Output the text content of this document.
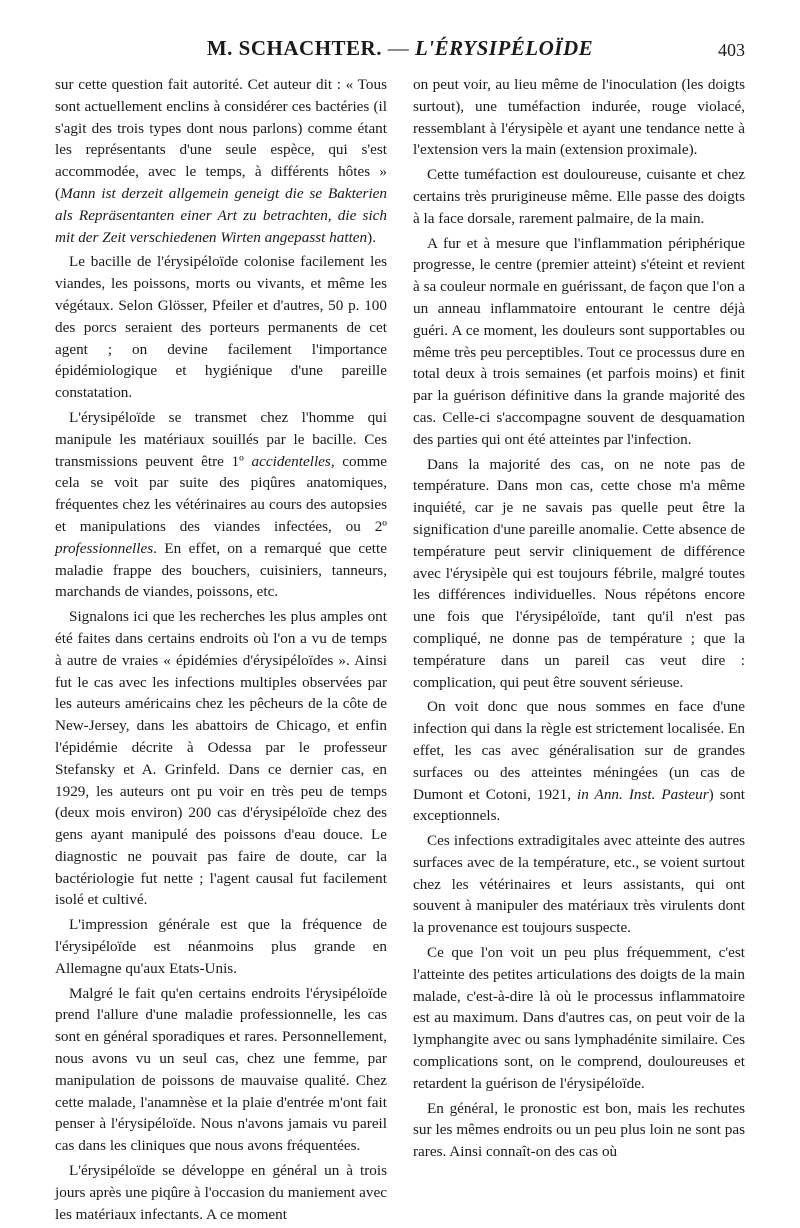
M. SCHACHTER. — L'ÉRYSIPÉLOÏDE	403

sur cette question fait autorité. Cet auteur dit : « Tous sont actuellement enclins à considérer ces bactéries (il s'agit des trois types dont nous parlons) comme étant les représentants d'une seule espèce, qui s'est accommodée, avec le temps, à différents hôtes » (Mann ist derzeit allgemein geneigt die se Bakterien als Repräsentanten einer Art zu betrachten, die sich mit der Zeit verschiedenen Wirten angepasst hatten).

Le bacille de l'érysipéloïde colonise facilement les viandes, les poissons, morts ou vivants, et même les végétaux. Selon Glösser, Pfeiler et d'autres, 50 p. 100 des porcs seraient des porteurs permanents de cet agent ; on devine facilement l'importance épidémiologique et hygiénique d'une pareille constatation.

L'érysipéloïde se transmet chez l'homme qui manipule les matériaux souillés par le bacille. Ces transmissions peuvent être 1º accidentelles, comme cela se voit par suite des piqûres anatomiques, fréquentes chez les vétérinaires au cours des autopsies et manipulations des viandes infectées, ou 2º professionnelles. En effet, on a remarqué que cette maladie frappe des bouchers, cuisiniers, tanneurs, marchands de viandes, poissons, etc.

Signalons ici que les recherches les plus amples ont été faites dans certains endroits où l'on a vu de temps à autre de vraies « épidémies d'érysipéloïdes ». Ainsi fut le cas avec les infections multiples observées par les auteurs américains chez les pêcheurs de la côte de New-Jersey, dans les abattoirs de Chicago, et enfin l'épidémie décrite à Odessa par le professeur Stefansky et A. Grinfeld. Dans ce dernier cas, en 1929, les auteurs ont pu voir en très peu de temps (deux mois environ) 200 cas d'érysipéloïde chez des gens ayant manipulé des poissons d'eau douce. Le diagnostic ne pouvait pas faire de doute, car la bactériologie fut nette ; l'agent causal fut facilement isolé et cultivé.

L'impression générale est que la fréquence de l'érysipéloïde est néanmoins plus grande en Allemagne qu'aux Etats-Unis.

Malgré le fait qu'en certains endroits l'érysipéloïde prend l'allure d'une maladie professionnelle, les cas sont en général sporadiques et rares. Personnellement, nous avons vu un seul cas, chez une femme, par manipulation de poissons de mauvaise qualité. Chez cette malade, l'anamnèse et la plaie d'entrée m'ont fait penser à l'érysipéloïde. Nous n'avons jamais vu pareil cas dans les cliniques que nous avons fréquentées.

L'érysipéloïde se développe en général un à trois jours après une piqûre à l'occasion du maniement avec les matériaux infectants. A ce moment

on peut voir, au lieu même de l'inoculation (les doigts surtout), une tuméfaction indurée, rouge violacé, ressemblant à l'érysipèle et ayant une tendance nette à l'extension vers la main (extension proximale).

Cette tuméfaction est douloureuse, cuisante et chez certains très prurigineuse même. Elle passe des doigts à la face dorsale, rarement palmaire, de la main.

A fur et à mesure que l'inflammation périphérique progresse, le centre (premier atteint) s'éteint et revient à sa couleur normale en guérissant, de façon que l'on a un anneau inflammatoire entourant le centre déjà guéri. A ce moment, les douleurs sont supportables ou même très peu perceptibles. Tout ce processus dure en total deux à trois semaines (et parfois moins) et finit par la guérison définitive dans la grande majorité des cas. Celle-ci s'accompagne souvent de desquamation des parties qui ont été atteintes par l'infection.

Dans la majorité des cas, on ne note pas de température. Dans mon cas, cette chose m'a même inquiété, car je ne savais pas quelle peut être la signification d'une pareille anomalie. Cette absence de température peut servir cliniquement de différence avec l'érysipèle qui est toujours fébrile, malgré toutes les différences individuelles. Nous répétons encore une fois que l'érysipéloïde, tant qu'il n'est pas compliqué, ne donne pas de température ; que la température dans un pareil cas veut dire : complication, qui peut être souvent sérieuse.

On voit donc que nous sommes en face d'une infection qui dans la règle est strictement localisée. En effet, les cas avec généralisation sur de grandes surfaces ou des atteintes méningées (un cas de Dumont et Cotoni, 1921, in Ann. Inst. Pasteur) sont exceptionnels.

Ces infections extradigitales avec atteinte des autres surfaces avec de la température, etc., se voient surtout chez les vétérinaires et leurs assistants, qui ont souvent à manipuler des matériaux très virulents dont la provenance est toujours suspecte.

Ce que l'on voit un peu plus fréquemment, c'est l'atteinte des petites articulations des doigts de la main malade, c'est-à-dire là où le processus inflammatoire est au maximum. Dans d'autres cas, on peut voir de la lymphangite avec ou sans lymphadénite similaire. Ces complications sont, on le comprend, douloureuses et retardent la guérison de l'érysipéloïde.

En général, le pronostic est bon, mais les rechutes sur les mêmes endroits ou un peu plus loin ne sont pas rares. Ainsi connaît-on des cas où
